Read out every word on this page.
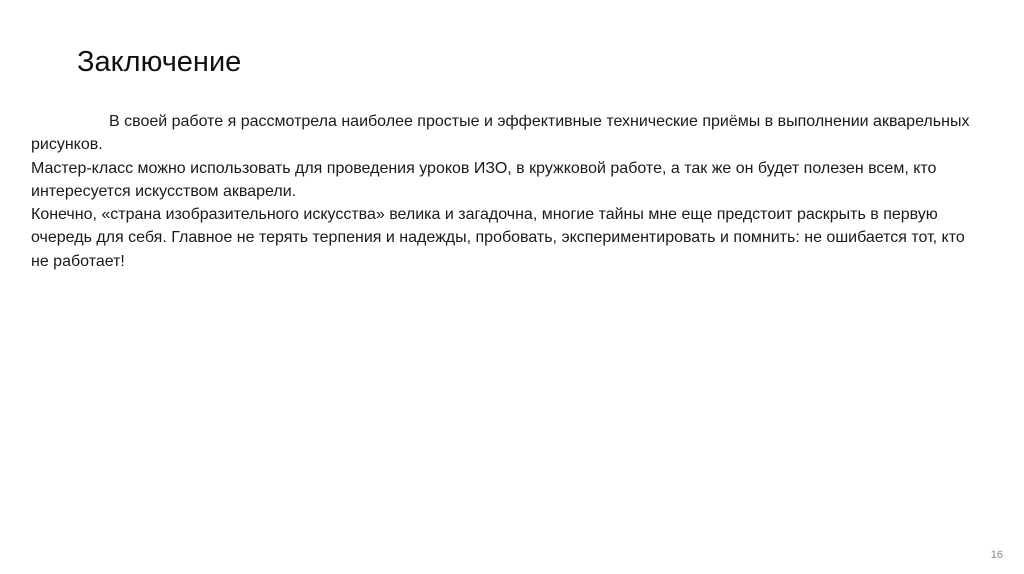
Заключение

В своей работе я рассмотрела наиболее простые и эффективные технические приёмы в выполнении акварельных рисунков.

Мастер-класс можно использовать для проведения уроков ИЗО, в кружковой работе, а так же он будет полезен всем, кто интересуется искусством акварели.

Конечно, «страна изобразительного искусства» велика и загадочна, многие тайны мне еще предстоит раскрыть в первую очередь для себя. Главное не терять терпения и надежды, пробовать, экспериментировать и помнить: не ошибается тот, кто не работает!

16
